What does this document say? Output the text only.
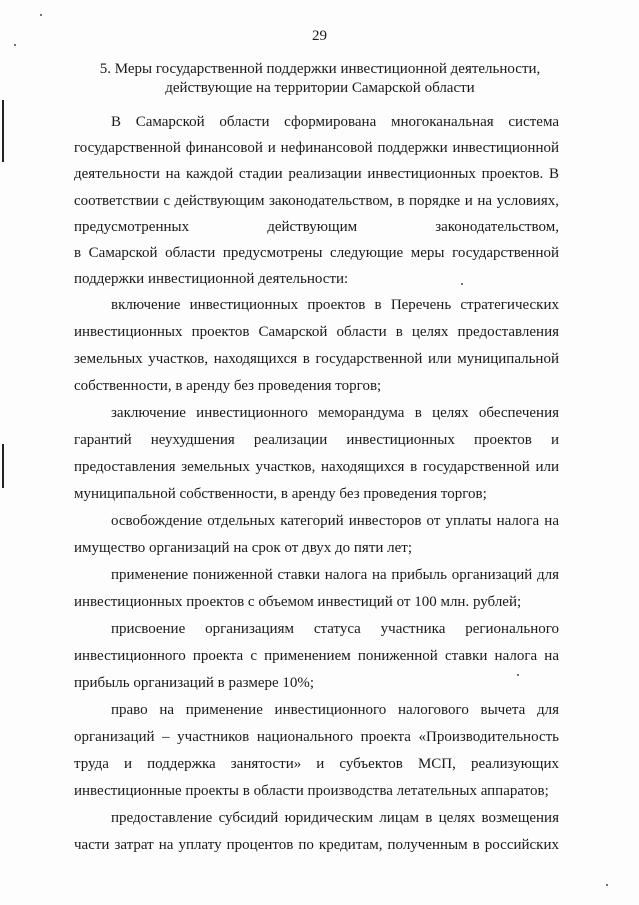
29
5. Меры государственной поддержки инвестиционной деятельности,
действующие на территории Самарской области

В Самарской области сформирована многоканальная система государственной финансовой и нефинансовой поддержки инвестиционной деятельности на каждой стадии реализации инвестиционных проектов. В соответствии с действующим законодательством, в порядке и на условиях, предусмотренных действующим законодательством,

в Самарской области предусмотрены следующие меры государственной поддержки инвестиционной деятельности:

включение инвестиционных проектов в Перечень стратегических инвестиционных проектов Самарской области в целях предоставления земельных участков, находящихся в государственной или муниципальной собственности, в аренду без проведения торгов;

заключение инвестиционного меморандума в целях обеспечения гарантий неухудшения реализации инвестиционных проектов и предоставления земельных участков, находящихся в государственной или муниципальной собственности, в аренду без проведения торгов;

освобождение отдельных категорий инвесторов от уплаты налога на имущество организаций на срок от двух до пяти лет;

применение пониженной ставки налога на прибыль организаций для инвестиционных проектов с объемом инвестиций от 100 млн. рублей;

присвоение организациям статуса участника регионального инвестиционного проекта с применением пониженной ставки налога на прибыль организаций в размере 10%;

право на применение инвестиционного налогового вычета для организаций – участников национального проекта «Производительность труда и поддержка занятости» и субъектов МСП, реализующих инвестиционные проекты в области производства летательных аппаратов;

предоставление субсидий юридическим лицам в целях возмещения части затрат на уплату процентов по кредитам, полученным в российских
